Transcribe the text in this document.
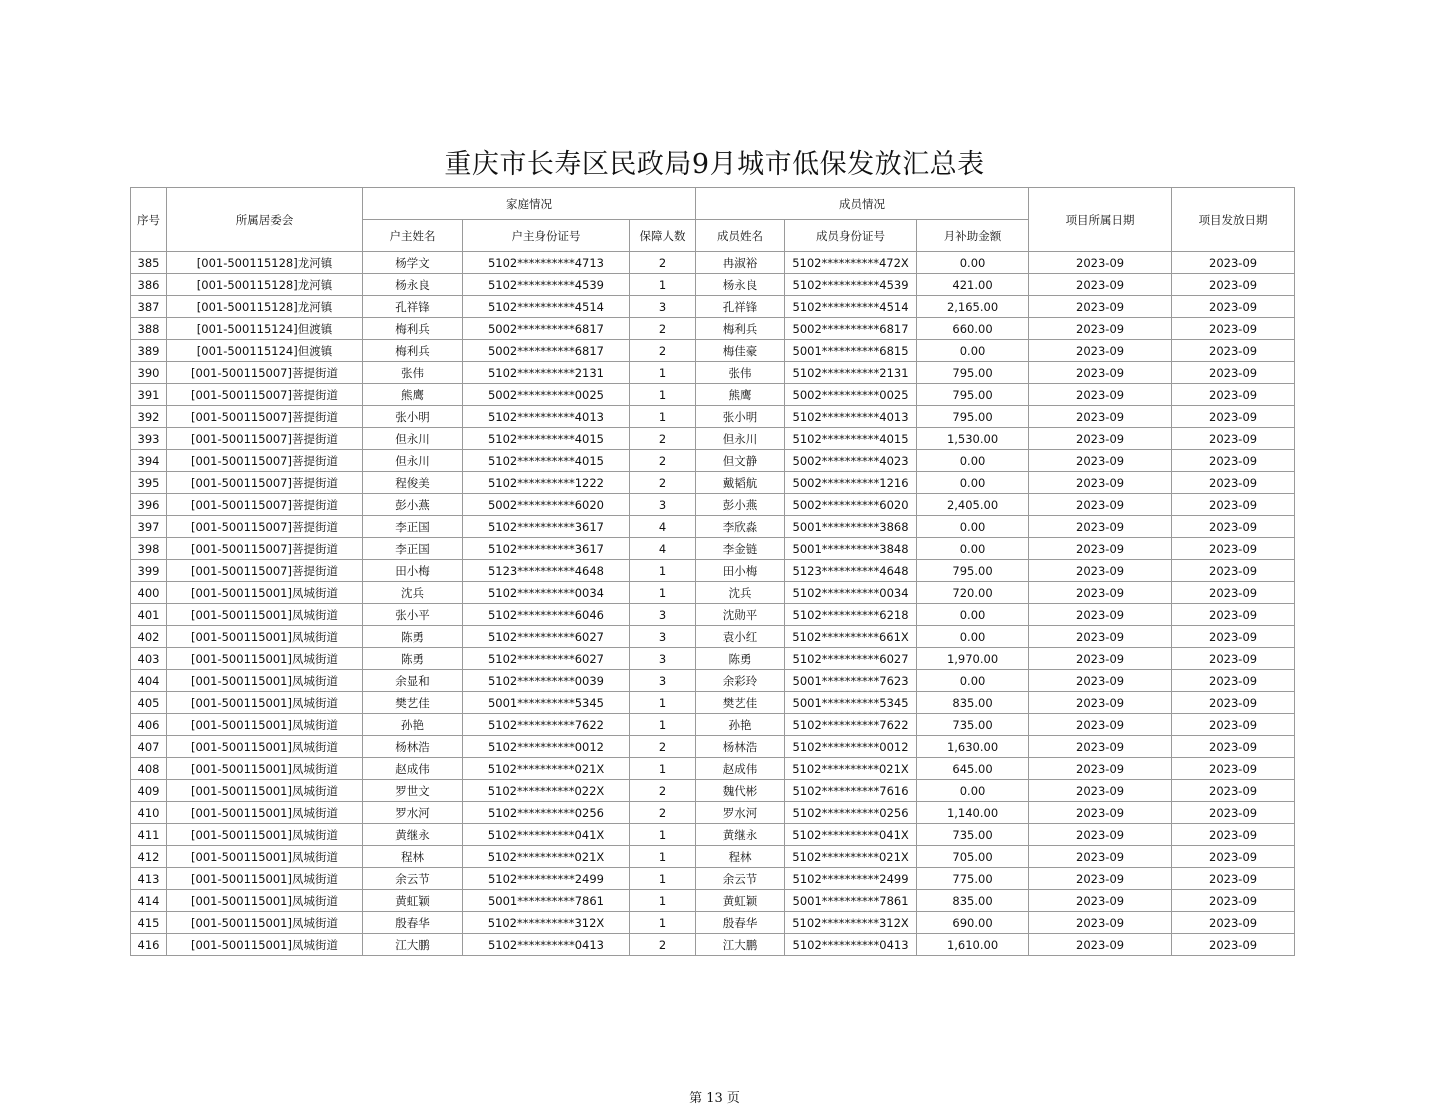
重庆市长寿区民政局9月城市低保发放汇总表
序号	所属居委会	家庭情况			成员情况			项目所属日期	项目发放日期
		户主姓名	户主身份证号	保障人数	成员姓名	成员身份证号	月补助金额		
385	[001-500115128]龙河镇	杨学文	5102**********4713	2	冉淑裕	5102**********472X	0.00	2023-09	2023-09
386	[001-500115128]龙河镇	杨永良	5102**********4539	1	杨永良	5102**********4539	421.00	2023-09	2023-09
387	[001-500115128]龙河镇	孔祥锋	5102**********4514	3	孔祥锋	5102**********4514	2,165.00	2023-09	2023-09
388	[001-500115124]但渡镇	梅利兵	5002**********6817	2	梅利兵	5002**********6817	660.00	2023-09	2023-09
389	[001-500115124]但渡镇	梅利兵	5002**********6817	2	梅佳豪	5001**********6815	0.00	2023-09	2023-09
390	[001-500115007]菩提街道	张伟	5102**********2131	1	张伟	5102**********2131	795.00	2023-09	2023-09
391	[001-500115007]菩提街道	熊鹰	5002**********0025	1	熊鹰	5002**********0025	795.00	2023-09	2023-09
392	[001-500115007]菩提街道	张小明	5102**********4013	1	张小明	5102**********4013	795.00	2023-09	2023-09
393	[001-500115007]菩提街道	但永川	5102**********4015	2	但永川	5102**********4015	1,530.00	2023-09	2023-09
394	[001-500115007]菩提街道	但永川	5102**********4015	2	但文静	5002**********4023	0.00	2023-09	2023-09
395	[001-500115007]菩提街道	程俊美	5102**********1222	2	戴韬航	5002**********1216	0.00	2023-09	2023-09
396	[001-500115007]菩提街道	彭小燕	5002**********6020	3	彭小燕	5002**********6020	2,405.00	2023-09	2023-09
397	[001-500115007]菩提街道	李正国	5102**********3617	4	李欣淼	5001**********3868	0.00	2023-09	2023-09
398	[001-500115007]菩提街道	李正国	5102**********3617	4	李金链	5001**********3848	0.00	2023-09	2023-09
399	[001-500115007]菩提街道	田小梅	5123**********4648	1	田小梅	5123**********4648	795.00	2023-09	2023-09
400	[001-500115001]凤城街道	沈兵	5102**********0034	1	沈兵	5102**********0034	720.00	2023-09	2023-09
401	[001-500115001]凤城街道	张小平	5102**********6046	3	沈勋平	5102**********6218	0.00	2023-09	2023-09
402	[001-500115001]凤城街道	陈勇	5102**********6027	3	袁小红	5102**********661X	0.00	2023-09	2023-09
403	[001-500115001]凤城街道	陈勇	5102**********6027	3	陈勇	5102**********6027	1,970.00	2023-09	2023-09
404	[001-500115001]凤城街道	余显和	5102**********0039	3	余彩玲	5001**********7623	0.00	2023-09	2023-09
405	[001-500115001]凤城街道	樊艺佳	5001**********5345	1	樊艺佳	5001**********5345	835.00	2023-09	2023-09
406	[001-500115001]凤城街道	孙艳	5102**********7622	1	孙艳	5102**********7622	735.00	2023-09	2023-09
407	[001-500115001]凤城街道	杨林浩	5102**********0012	2	杨林浩	5102**********0012	1,630.00	2023-09	2023-09
408	[001-500115001]凤城街道	赵成伟	5102**********021X	1	赵成伟	5102**********021X	645.00	2023-09	2023-09
409	[001-500115001]凤城街道	罗世文	5102**********022X	2	魏代彬	5102**********7616	0.00	2023-09	2023-09
410	[001-500115001]凤城街道	罗水河	5102**********0256	2	罗水河	5102**********0256	1,140.00	2023-09	2023-09
411	[001-500115001]凤城街道	黄继永	5102**********041X	1	黄继永	5102**********041X	735.00	2023-09	2023-09
412	[001-500115001]凤城街道	程林	5102**********021X	1	程林	5102**********021X	705.00	2023-09	2023-09
413	[001-500115001]凤城街道	余云节	5102**********2499	1	余云节	5102**********2499	775.00	2023-09	2023-09
414	[001-500115001]凤城街道	黄虹颖	5001**********7861	1	黄虹颖	5001**********7861	835.00	2023-09	2023-09
415	[001-500115001]凤城街道	殷春华	5102**********312X	1	殷春华	5102**********312X	690.00	2023-09	2023-09
416	[001-500115001]凤城街道	江大鹏	5102**********0413	2	江大鹏	5102**********0413	1,610.00	2023-09	2023-09
第 13 页
